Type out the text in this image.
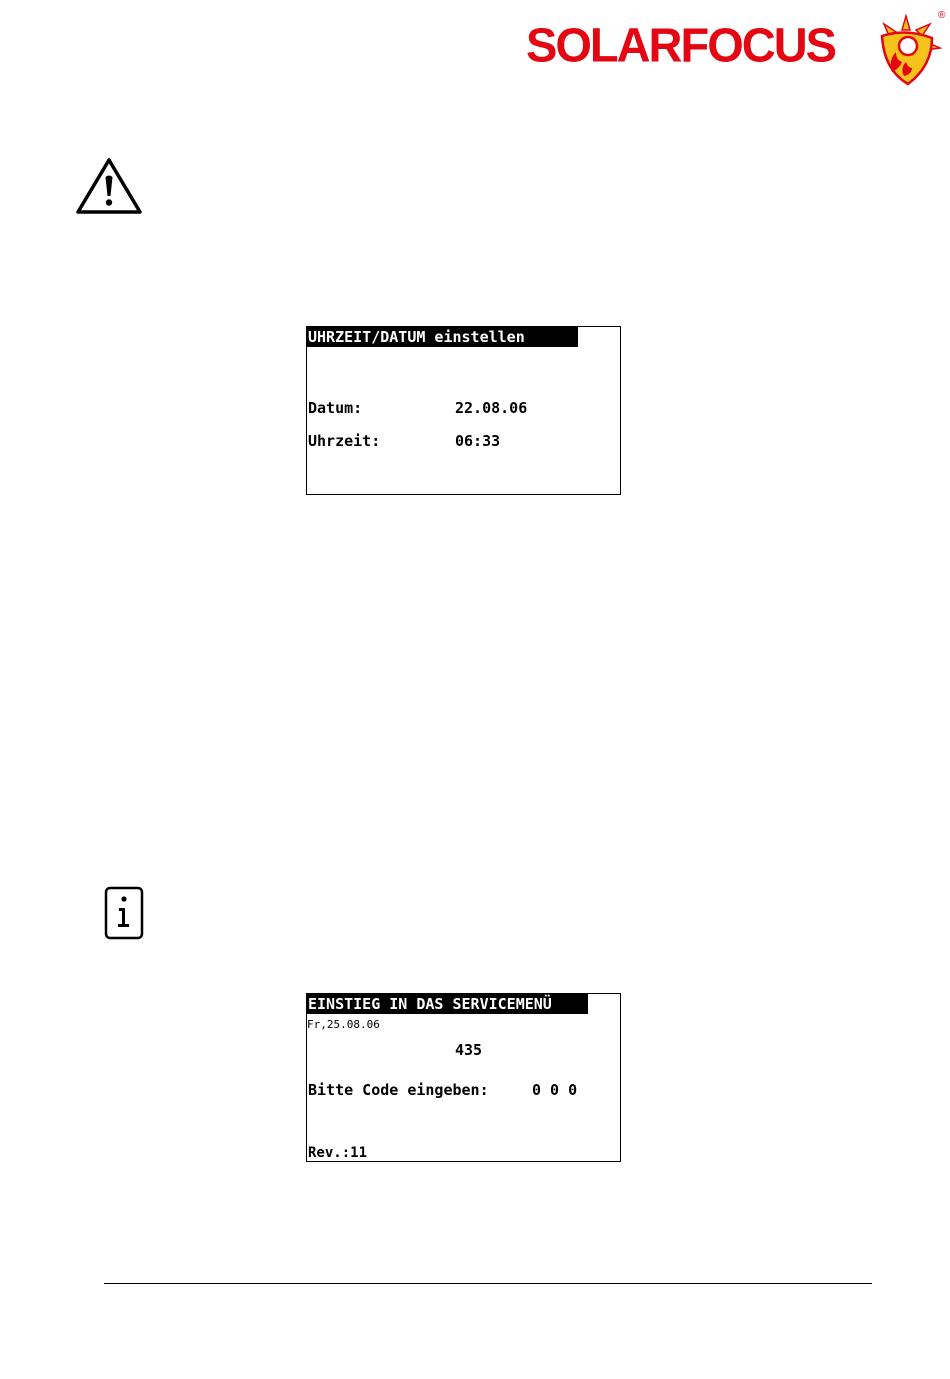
SOLARFOCUS
®
UHRZEIT/DATUM einstellen
Datum:	22.08.06
Uhrzeit:	06:33
EINSTIEG IN DAS SERVICEMENÜ
Fr,25.08.06
435
Bitte Code eingeben:	0 0 0
Rev.:11
